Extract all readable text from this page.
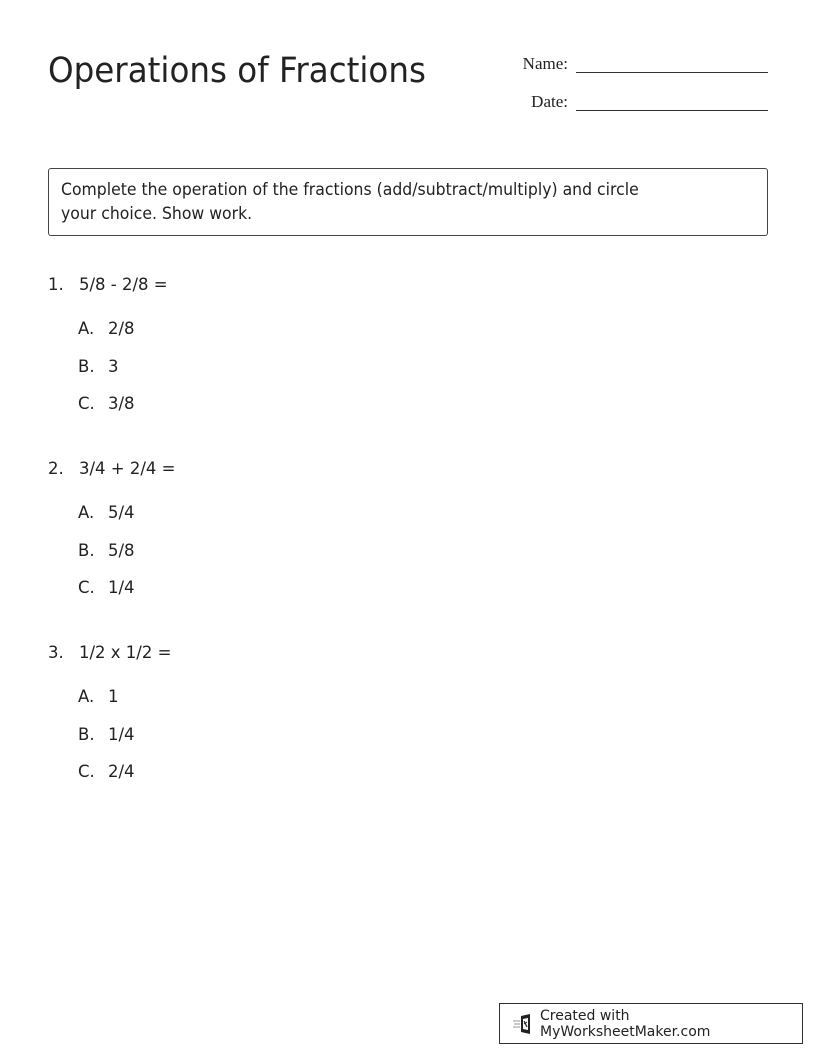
Operations of Fractions	Name:
Date:
Complete the operation of the fractions (add/subtract/multiply) and circle
your choice. Show work.
1. 5/8 - 2/8 =
A. 2/8
B. 3
C. 3/8
2. 3/4 + 2/4 =
A. 5/4
B. 5/8
C. 1/4
3. 1/2 x 1/2 =
A. 1
B. 1/4
C. 2/4
Created with MyWorksheetMaker.com
